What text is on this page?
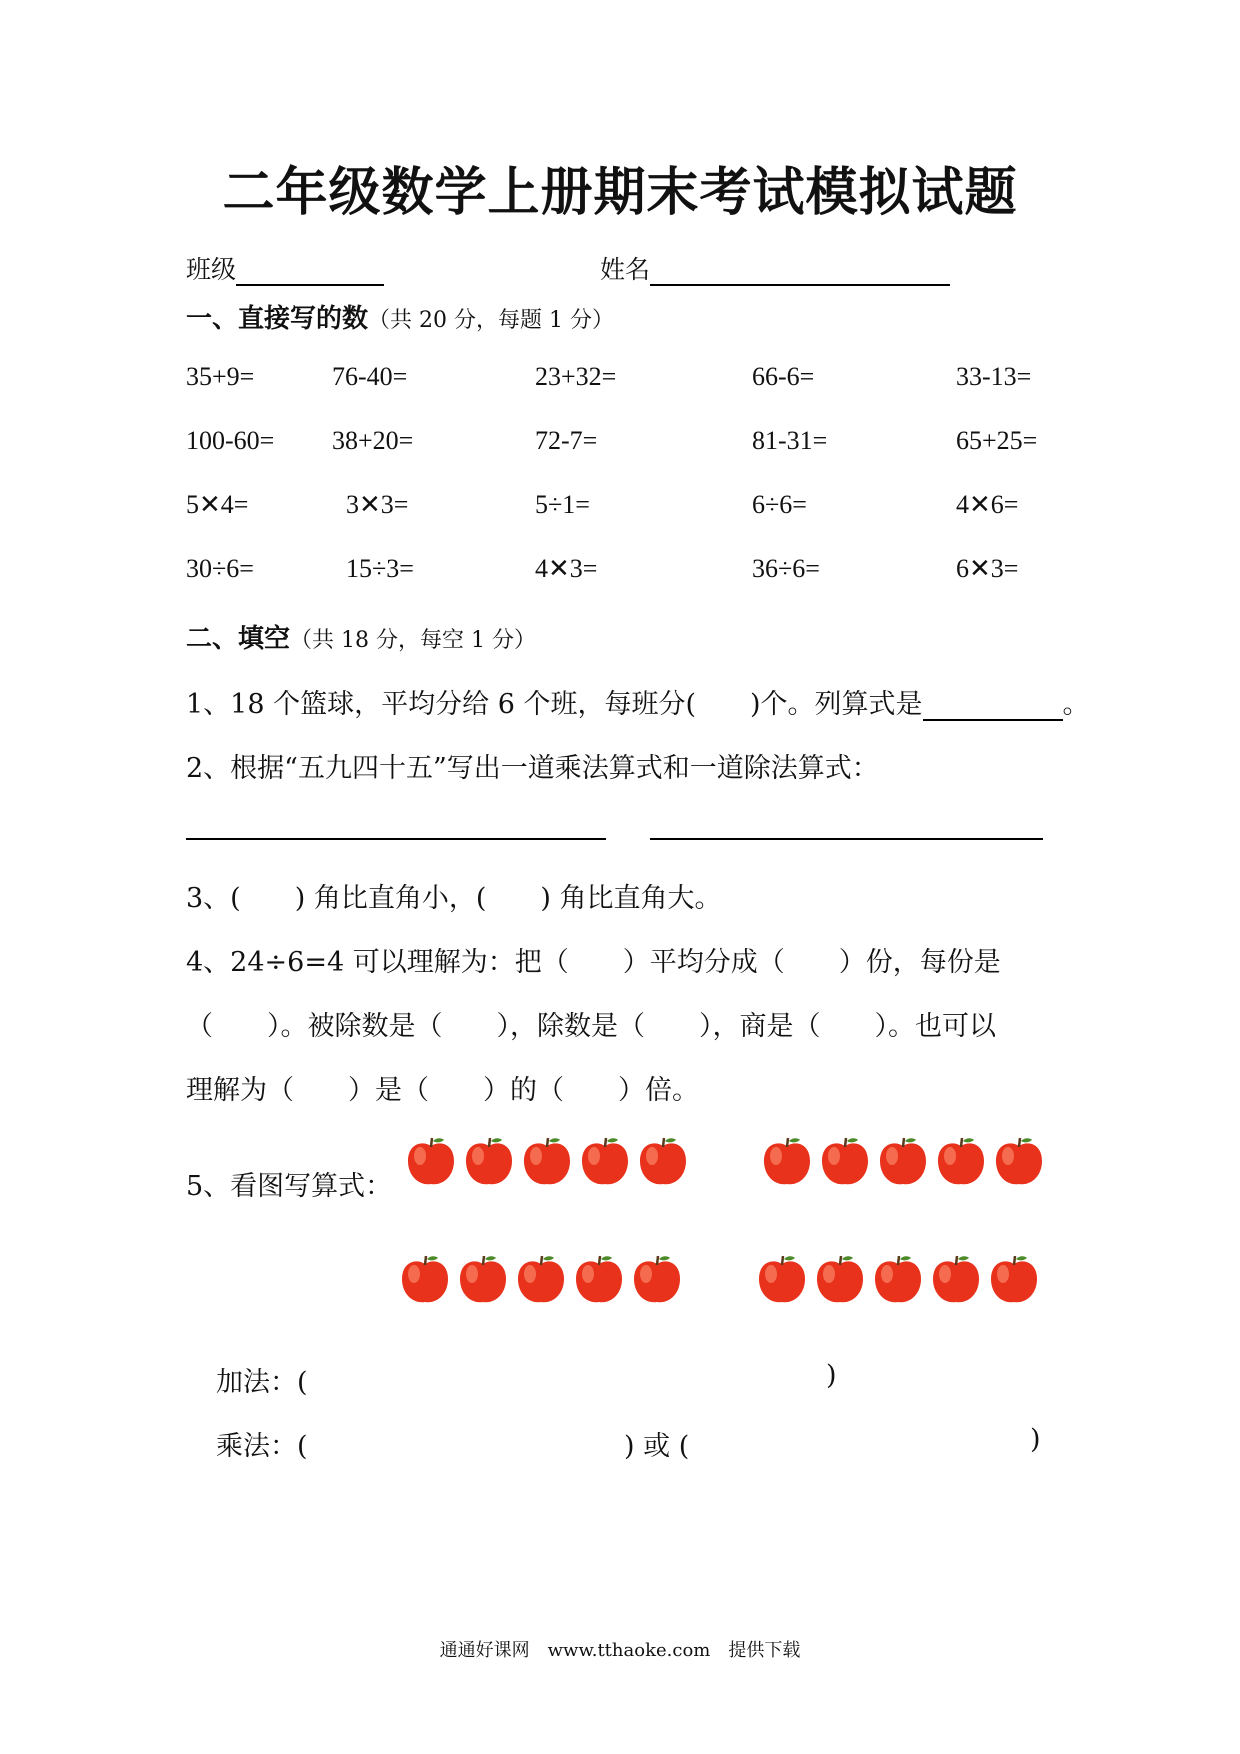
二年级数学上册期末考试模拟试题
班级	姓名
一、直接写的数（共 20 分，每题 1 分）
35+9=	76-40=	23+32=	66-6=	33-13=
100-60= 38+20=	72-7=	81-31=	65+25=
5✕4=	3✕3=	5÷1=	6÷6=	4✕6=
30÷6=	15÷3=	4✕3=	36÷6=	6✕3=
二、填空（共 18 分，每空 1 分）
1、18 个篮球，平均分给 6 个班，每班分(　　)个。列算式是	。
2、根据“五九四十五”写出一道乘法算式和一道除法算式：
3、(　　) 角比直角小，(　　) 角比直角大。
4、24÷6=4 可以理解为：把（　　）平均分成（　　）份，每份是
（　　）。被除数是（　　），除数是（　　），商是（　　）。也可以
理解为（　　）是（　　）的（　　）倍。
5、看图写算式：
加法：(	)
乘法：(	) 或 (	)
通通好课网　www.tthaoke.com　提供下载
